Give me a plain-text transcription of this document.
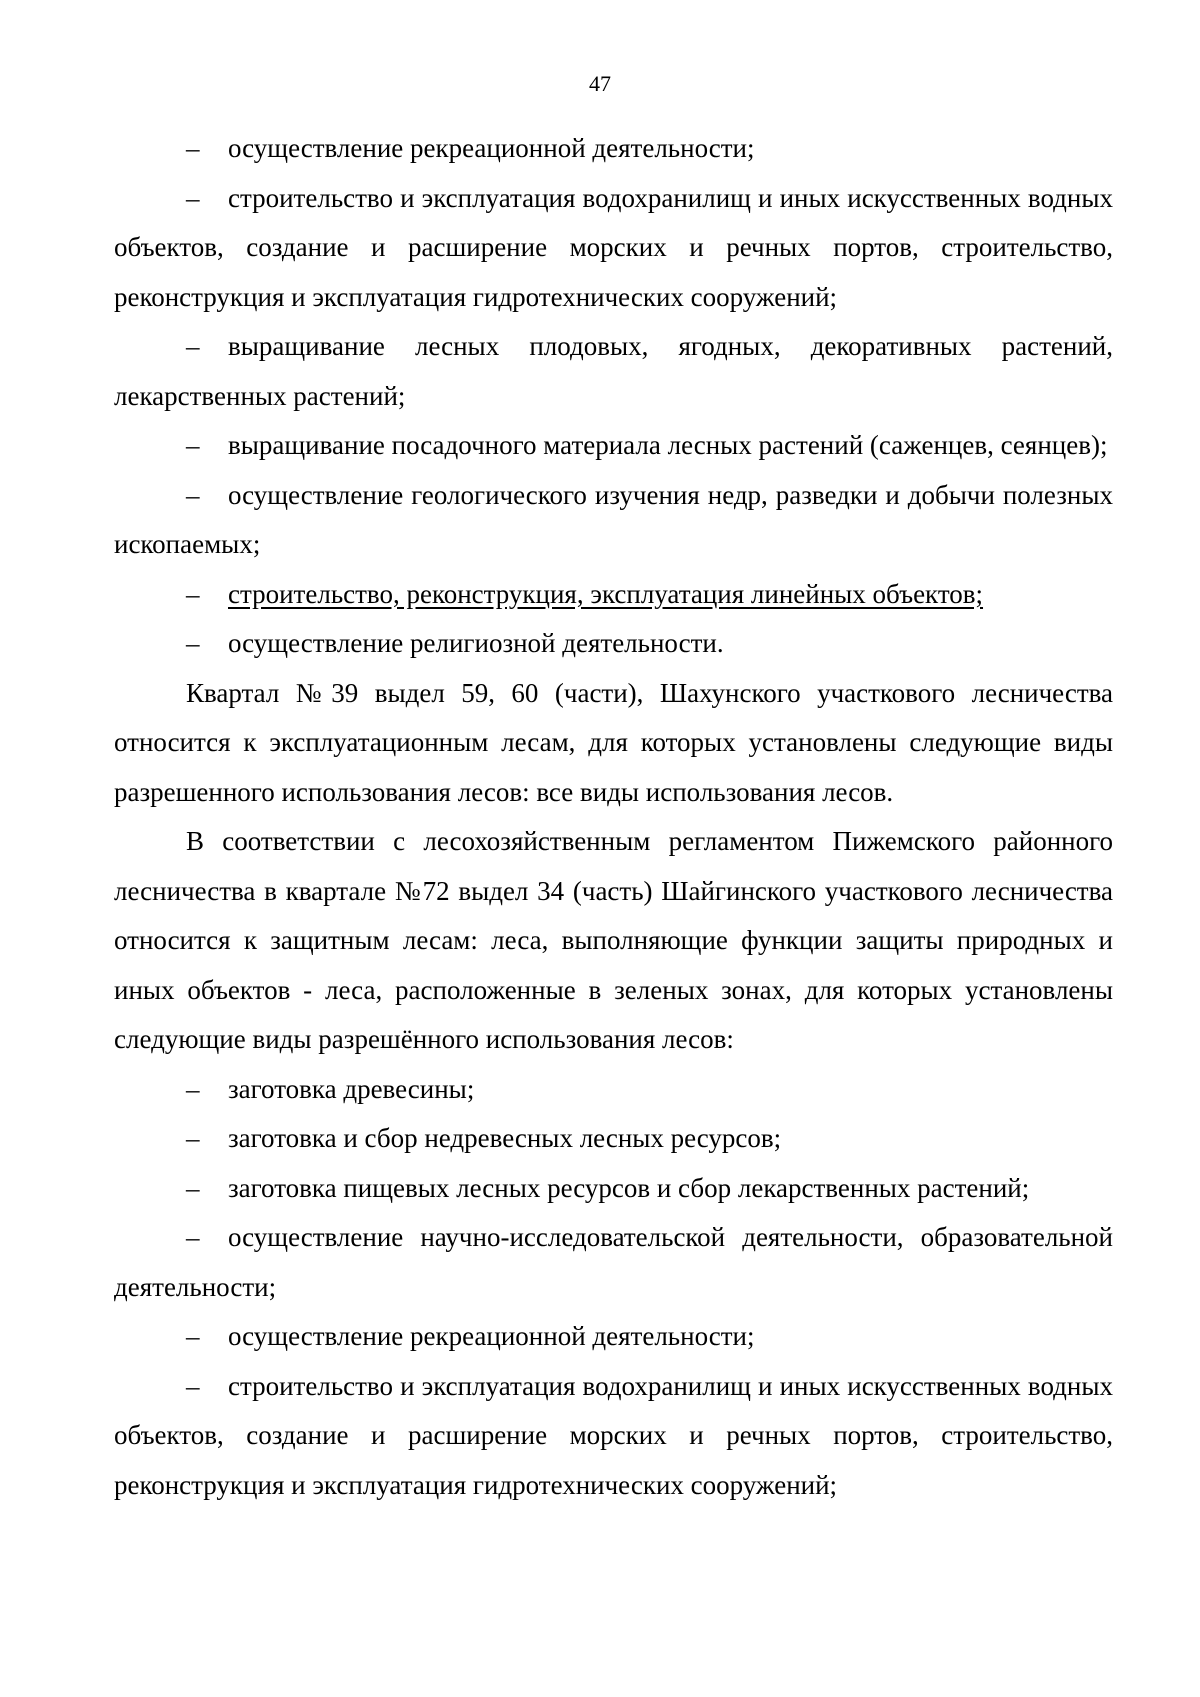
47

– осуществление рекреационной деятельности;

– строительство и эксплуатация водохранилищ и иных искусственных водных объектов, создание и расширение морских и речных портов, строительство, реконструкция и эксплуатация гидротехнических сооружений;

– выращивание лесных плодовых, ягодных, декоративных растений, лекарственных растений;

– выращивание посадочного материала лесных растений (саженцев, сеянцев);

– осуществление геологического изучения недр, разведки и добычи полезных ископаемых;

– строительство, реконструкция, эксплуатация линейных объектов;

– осуществление религиозной деятельности.

Квартал №39 выдел 59, 60 (части), Шахунского участкового лесничества относится к эксплуатационным лесам, для которых установлены следующие виды разрешенного использования лесов: все виды использования лесов.

В соответствии с лесохозяйственным регламентом Пижемского районного лесничества в квартале №72 выдел 34 (часть) Шайгинского участкового лесничества относится к защитным лесам: леса, выполняющие функции защиты природных и иных объектов - леса, расположенные в зеленых зонах, для которых установлены следующие виды разрешённого использования лесов:

– заготовка древесины;

– заготовка и сбор недревесных лесных ресурсов;

– заготовка пищевых лесных ресурсов и сбор лекарственных растений;

– осуществление научно-исследовательской деятельности, образовательной деятельности;

– осуществление рекреационной деятельности;

– строительство и эксплуатация водохранилищ и иных искусственных водных объектов, создание и расширение морских и речных портов, строительство, реконструкция и эксплуатация гидротехнических сооружений;
